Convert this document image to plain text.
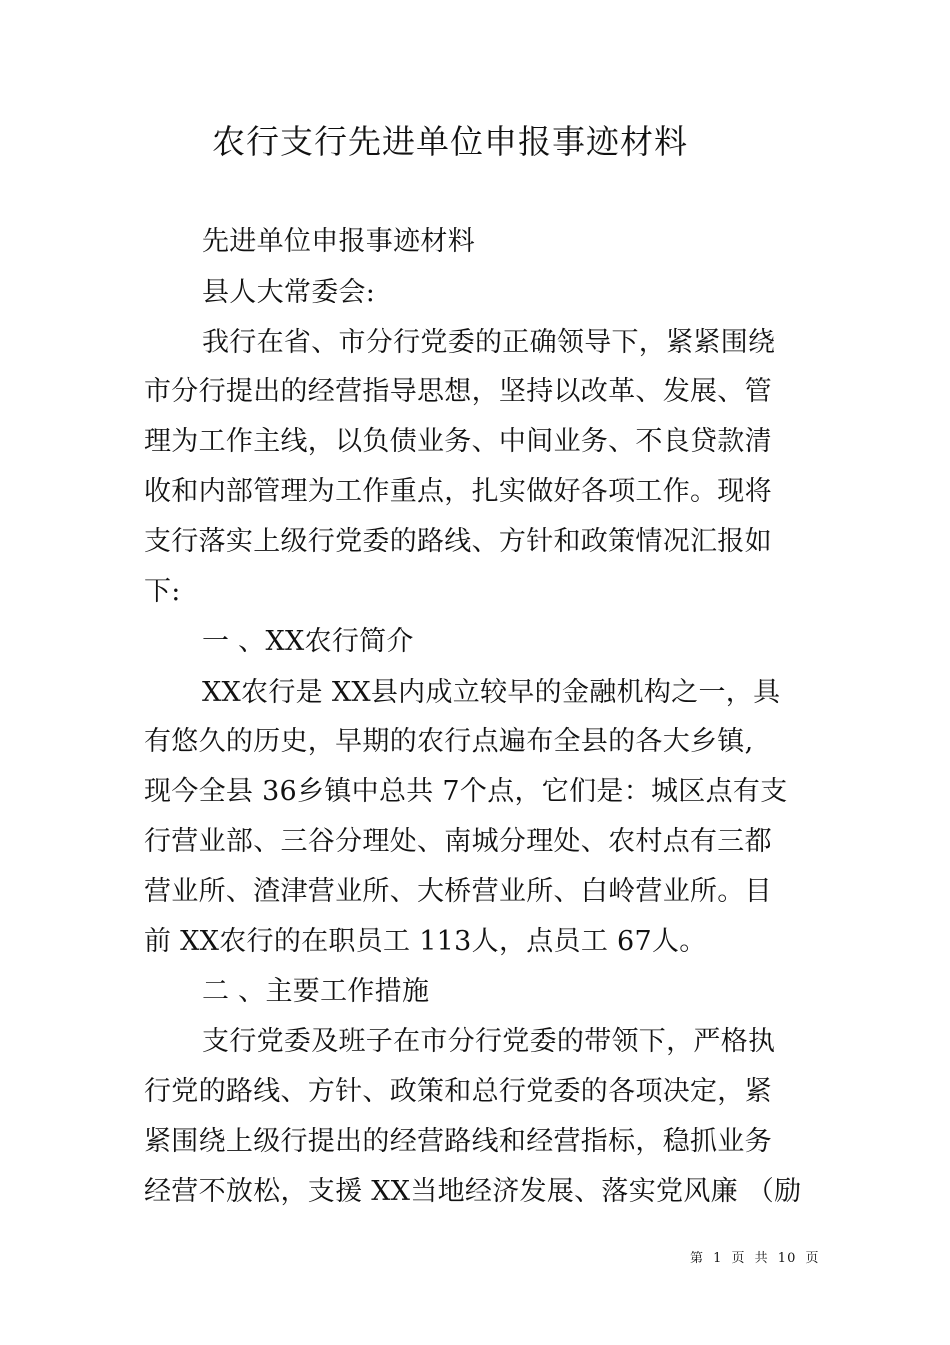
农行支行先进单位申报事迹材料
先进单位申报事迹材料
县人大常委会:
我行在省、市分行党委的正确领导下，紧紧围绕
市分行提出的经营指导思想，坚持以改革、发展、管
理为工作主线，以负债业务、中间业务、不良贷款清
收和内部管理为工作重点，扎实做好各项工作。现将
支行落实上级行党委的路线、方针和政策情况汇报如
下:
一 、XX农行简介
XX农行是 XX县内成立较早的金融机构之一，具
有悠久的历史，早期的农行点遍布全县的各大乡镇,
现今全县 36乡镇中总共 7个点，它们是：城区点有支
行营业部、三谷分理处、南城分理处、农村点有三都
营业所、渣津营业所、大桥营业所、白岭营业所。目
前 XX农行的在职员工 113人，点员工 67人。
二 、主要工作措施
支行党委及班子在市分行党委的带领下，严格执
行党的路线、方针、政策和总行党委的各项决定，紧
紧围绕上级行提出的经营路线和经营指标，稳抓业务
经营不放松，支援 XX当地经济发展、落实党风廉 （励
第 1 页 共 10 页
